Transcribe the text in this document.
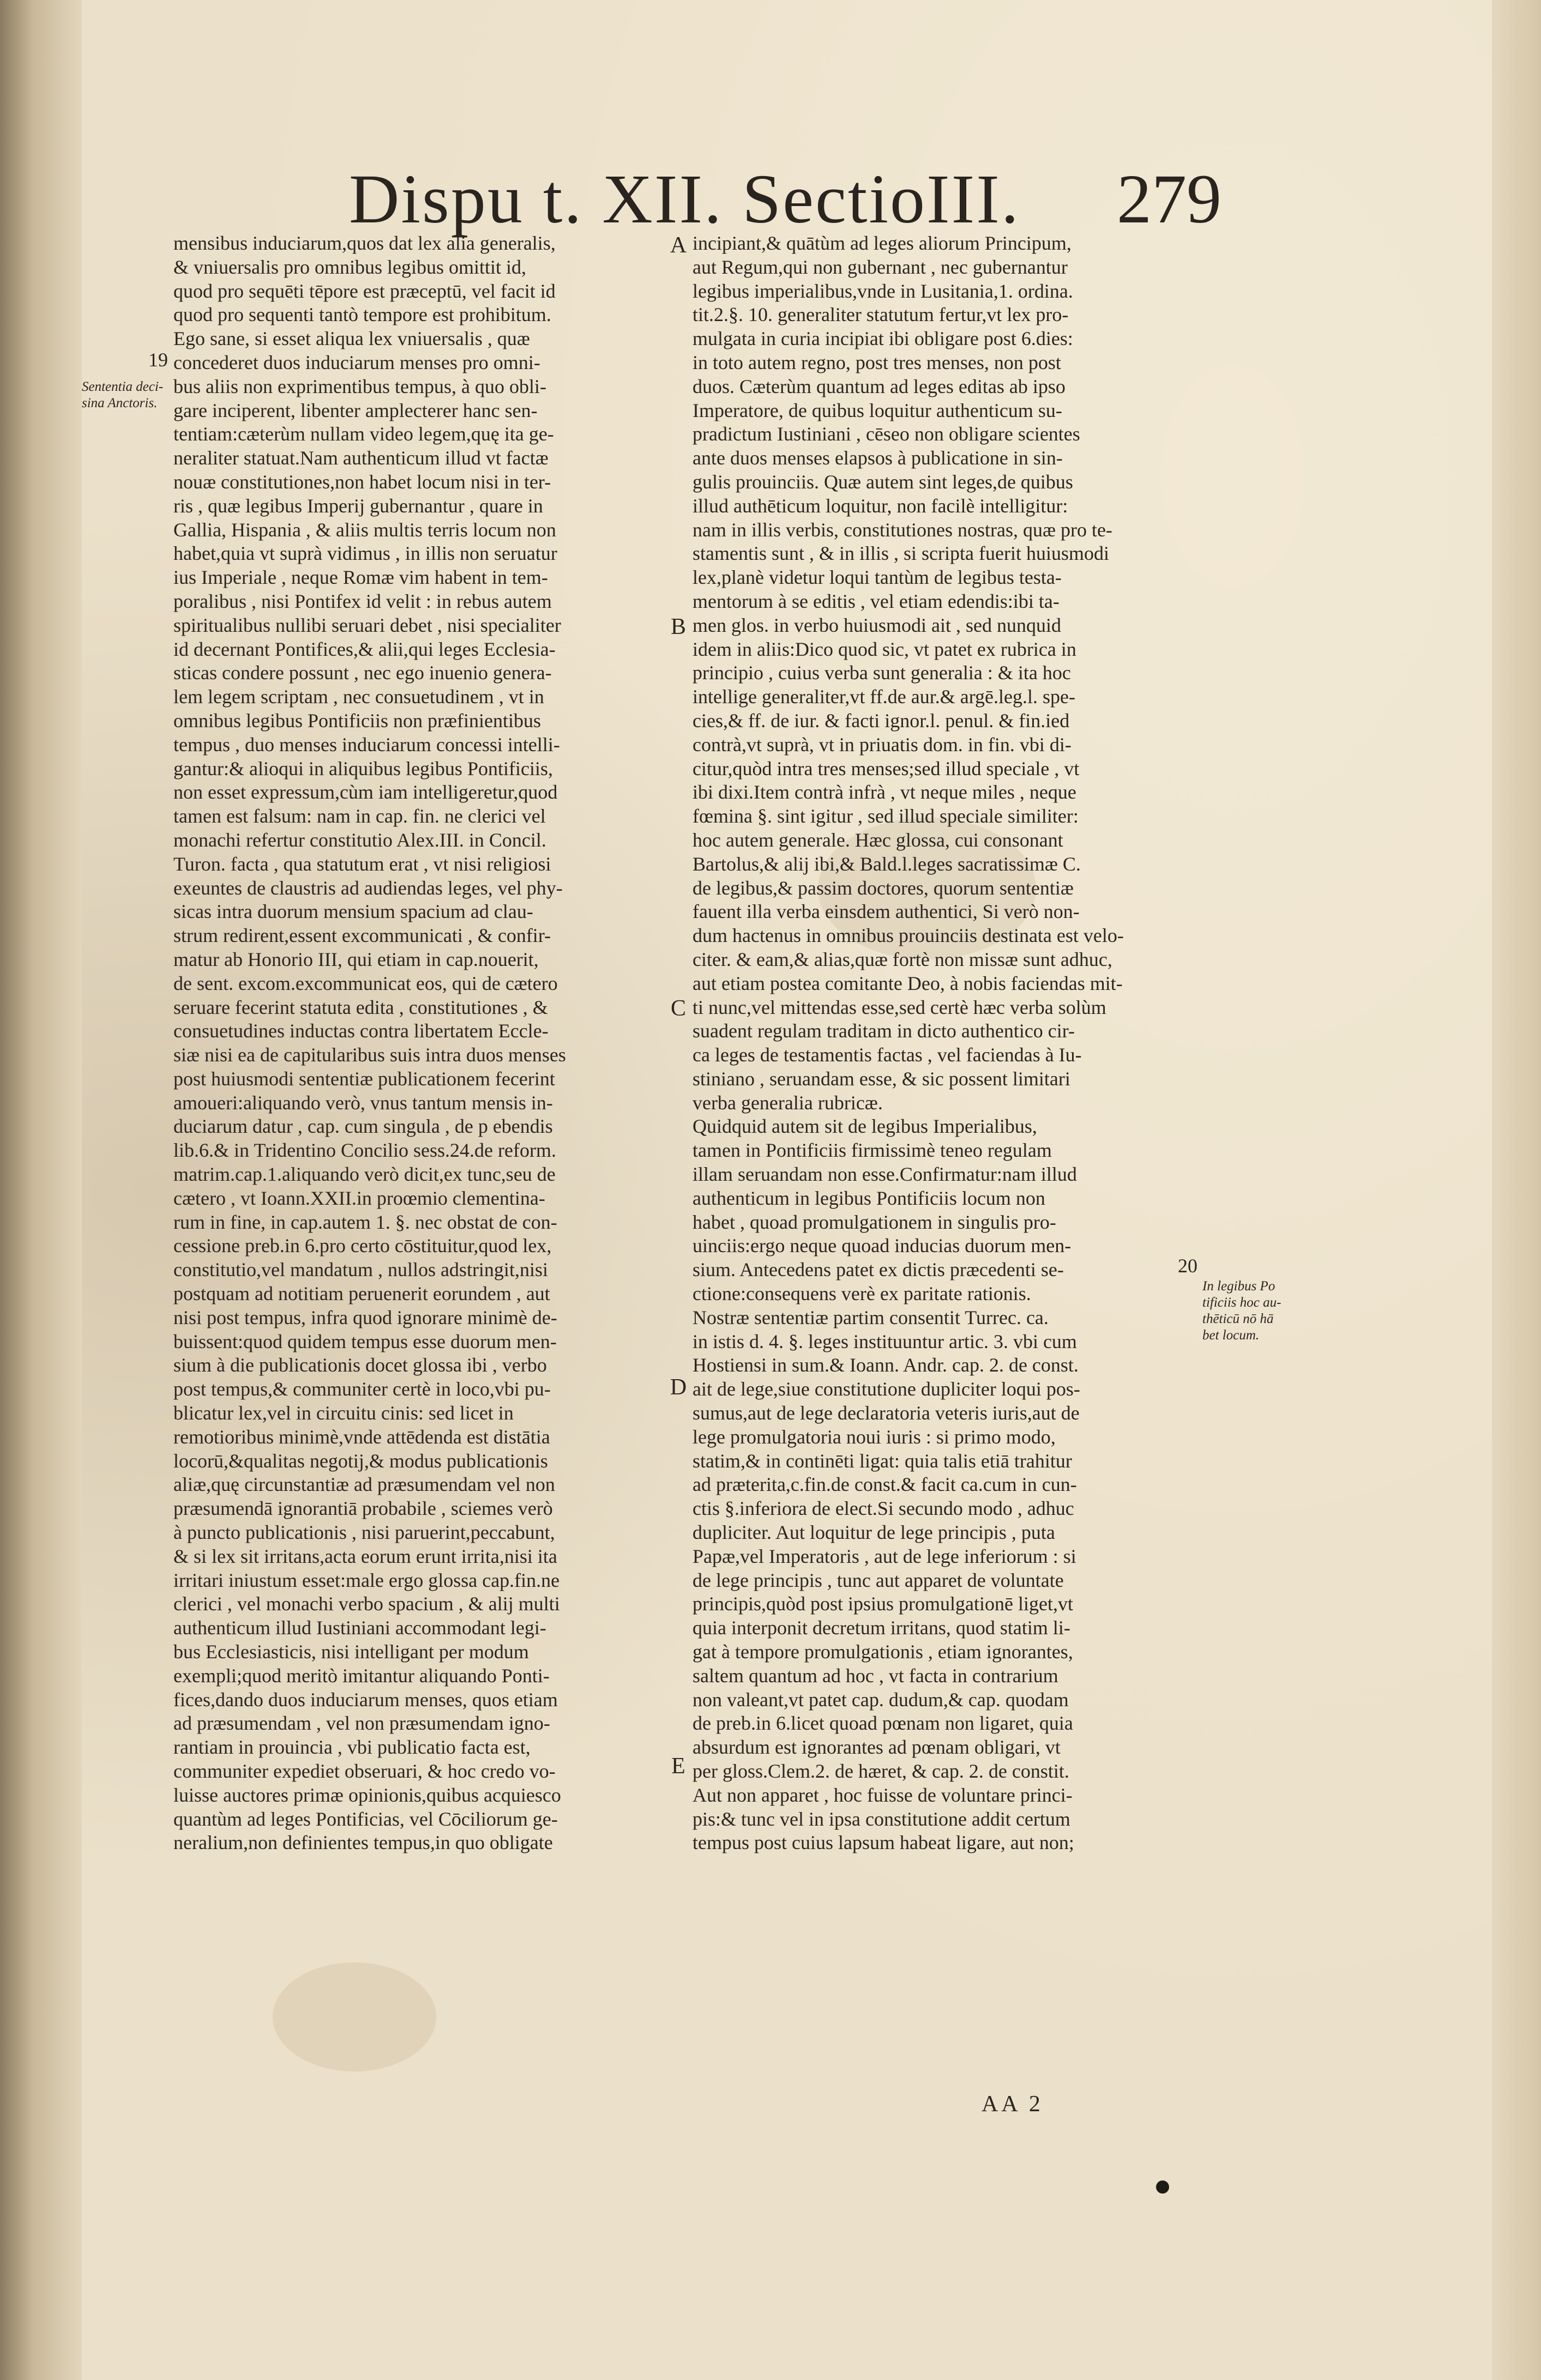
Dispu t. XII. SectioIII.	279
mensibus induciarum,quos dat lex alia generalis,
& vniuersalis pro omnibus legibus omittit id,
quod pro sequēti tēpore est præceptū, vel facit id
quod pro sequenti tantò tempore est prohibitum.
Ego sane, si esset aliqua lex vniuersalis , quæ
concederet duos induciarum menses pro omni-
bus aliis non exprimentibus tempus, à quo obli-
gare inciperent, libenter amplecterer hanc sen-
tentiam:cæterùm nullam video legem,quę ita ge-
neraliter statuat.Nam authenticum illud vt factæ
nouæ constitutiones,non habet locum nisi in ter-
ris , quæ legibus Imperij gubernantur , quare in
Gallia, Hispania , & aliis multis terris locum non
habet,quia vt suprà vidimus , in illis non seruatur
ius Imperiale , neque Romæ vim habent in tem-
poralibus , nisi Pontifex id velit : in rebus autem
spiritualibus nullibi seruari debet , nisi specialiter
id decernant Pontifices,& alii,qui leges Ecclesia-
sticas condere possunt , nec ego inuenio genera-
lem legem scriptam , nec consuetudinem , vt in
omnibus legibus Pontificiis non præfinientibus
tempus , duo menses induciarum concessi intelli-
gantur:& alioqui in aliquibus legibus Pontificiis,
non esset expressum,cùm iam intelligeretur,quod
tamen est falsum: nam in cap. fin. ne clerici vel
monachi refertur constitutio Alex.III. in Concil.
Turon. facta , qua statutum erat , vt nisi religiosi
exeuntes de claustris ad audiendas leges, vel phy-
sicas intra duorum mensium spacium ad clau-
strum redirent,essent excommunicati , & confir-
matur ab Honorio III, qui etiam in cap.nouerit,
de sent. excom.excommunicat eos, qui de cætero
seruare fecerint statuta edita , constitutiones , &
consuetudines inductas contra libertatem Eccle-
siæ nisi ea de capitularibus suis intra duos menses
post huiusmodi sententiæ publicationem fecerint
amoueri:aliquando verò, vnus tantum mensis in-
duciarum datur , cap. cum singula , de p ebendis
lib.6.& in Tridentino Concilio sess.24.de reform.
matrim.cap.1.aliquando verò dicit,ex tunc,seu de
cætero , vt Ioann.XXII.in proœmio clementina-
rum in fine, in cap.autem 1. §. nec obstat de con-
cessione preb.in 6.pro certo cōstituitur,quod lex,
constitutio,vel mandatum , nullos adstringit,nisi
postquam ad notitiam peruenerit eorundem , aut
nisi post tempus, infra quod ignorare minimè de-
buissent:quod quidem tempus esse duorum men-
sium à die publicationis docet glossa ibi , verbo
post tempus,& communiter certè in loco,vbi pu-
blicatur lex,vel in circuitu cinis: sed licet in
remotioribus minimè,vnde attēdenda est distātia
locorū,&qualitas negotij,& modus publicationis
aliæ,quę circunstantiæ ad præsumendam vel non
præsumendā ignorantiā probabile , sciemes verò
à puncto publicationis , nisi paruerint,peccabunt,
& si lex sit irritans,acta eorum erunt irrita,nisi ita
irritari iniustum esset:male ergo glossa cap.fin.ne
clerici , vel monachi verbo spacium , & alij multi
authenticum illud Iustiniani accommodant legi-
bus Ecclesiasticis, nisi intelligant per modum
exempli;quod meritò imitantur aliquando Ponti-
fices,dando duos induciarum menses, quos etiam
ad præsumendam , vel non præsumendam igno-
rantiam in prouincia , vbi publicatio facta est,
communiter expediet obseruari, & hoc credo vo-
luisse auctores primæ opinionis,quibus acquiesco
quantùm ad leges Pontificias, vel Cōciliorum ge-
neralium,non definientes tempus,in quo obligate
incipiant,& quātùm ad leges aliorum Principum,
aut Regum,qui non gubernant , nec gubernantur
legibus imperialibus,vnde in Lusitania,1. ordina.
tit.2.§. 10. generaliter statutum fertur,vt lex pro-
mulgata in curia incipiat ibi obligare post 6.dies:
in toto autem regno, post tres menses, non post
duos. Cæterùm quantum ad leges editas ab ipso
Imperatore, de quibus loquitur authenticum su-
pradictum Iustiniani , cēseo non obligare scientes
ante duos menses elapsos à publicatione in sin-
gulis prouinciis. Quæ autem sint leges,de quibus
illud authēticum loquitur, non facilè intelligitur:
nam in illis verbis, constitutiones nostras, quæ pro te-
stamentis sunt , & in illis , si scripta fuerit huiusmodi
lex,planè videtur loqui tantùm de legibus testa-
mentorum à se editis , vel etiam edendis:ibi ta-
men glos. in verbo huiusmodi ait , sed nunquid
idem in aliis:Dico quod sic, vt patet ex rubrica in
principio , cuius verba sunt generalia : & ita hoc
intellige generaliter,vt ff.de aur.& argē.leg.l. spe-
cies,& ff. de iur. & facti ignor.l. penul. & fin.ied
contrà,vt suprà, vt in priuatis dom. in fin. vbi di-
citur,quòd intra tres menses;sed illud speciale , vt
ibi dixi.Item contrà infrà , vt neque miles , neque
fœmina §. sint igitur , sed illud speciale similiter:
hoc autem generale. Hæc glossa, cui consonant
Bartolus,& alij ibi,& Bald.l.leges sacratissimæ C.
de legibus,& passim doctores, quorum sententiæ
fauent illa verba einsdem authentici, Si verò non-
dum hactenus in omnibus prouinciis destinata est velo-
citer. & eam,& alias,quæ fortè non missæ sunt adhuc,
aut etiam postea comitante Deo, à nobis faciendas mit-
ti nunc,vel mittendas esse,sed certè hæc verba solùm
suadent regulam traditam in dicto authentico cir-
ca leges de testamentis factas , vel faciendas à Iu-
stiniano , seruandam esse, & sic possent limitari
verba generalia rubricæ.
Quidquid autem sit de legibus Imperialibus,
tamen in Pontificiis firmissimè teneo regulam
illam seruandam non esse.Confirmatur:nam illud
authenticum in legibus Pontificiis locum non
habet , quoad promulgationem in singulis pro-
uinciis:ergo neque quoad inducias duorum men-
sium. Antecedens patet ex dictis præcedenti se-
ctione:consequens verè ex paritate rationis.
Nostræ sententiæ partim consentit Turrec. ca.
in istis d. 4. §. leges instituuntur artic. 3. vbi cum
Hostiensi in sum.& Ioann. Andr. cap. 2. de const.
ait de lege,siue constitutione dupliciter loqui pos-
sumus,aut de lege declaratoria veteris iuris,aut de
lege promulgatoria noui iuris : si primo modo,
statim,& in continēti ligat: quia talis etiā trahitur
ad præterita,c.fin.de const.& facit ca.cum in cun-
ctis §.inferiora de elect.Si secundo modo , adhuc
dupliciter. Aut loquitur de lege principis , puta
Papæ,vel Imperatoris , aut de lege inferiorum : si
de lege principis , tunc aut apparet de voluntate
principis,quòd post ipsius promulgationē liget,vt
quia interponit decretum irritans, quod statim li-
gat à tempore promulgationis , etiam ignorantes,
saltem quantum ad hoc , vt facta in contrarium
non valeant,vt patet cap. dudum,& cap. quodam
de preb.in 6.licet quoad pœnam non ligaret, quia
absurdum est ignorantes ad pœnam obligari, vt
per gloss.Clem.2. de hæret, & cap. 2. de constit.
Aut non apparet , hoc fuisse de voluntare princi-
pis:& tunc vel in ipsa constitutione addit certum
tempus post cuius lapsum habeat ligare, aut non;
A
B
C
D
E
19
Sententia deci-
sina Anctoris.
20
In legibus Po
tificiis hoc au-
thēticū nō hā
bet locum.
AA 2
